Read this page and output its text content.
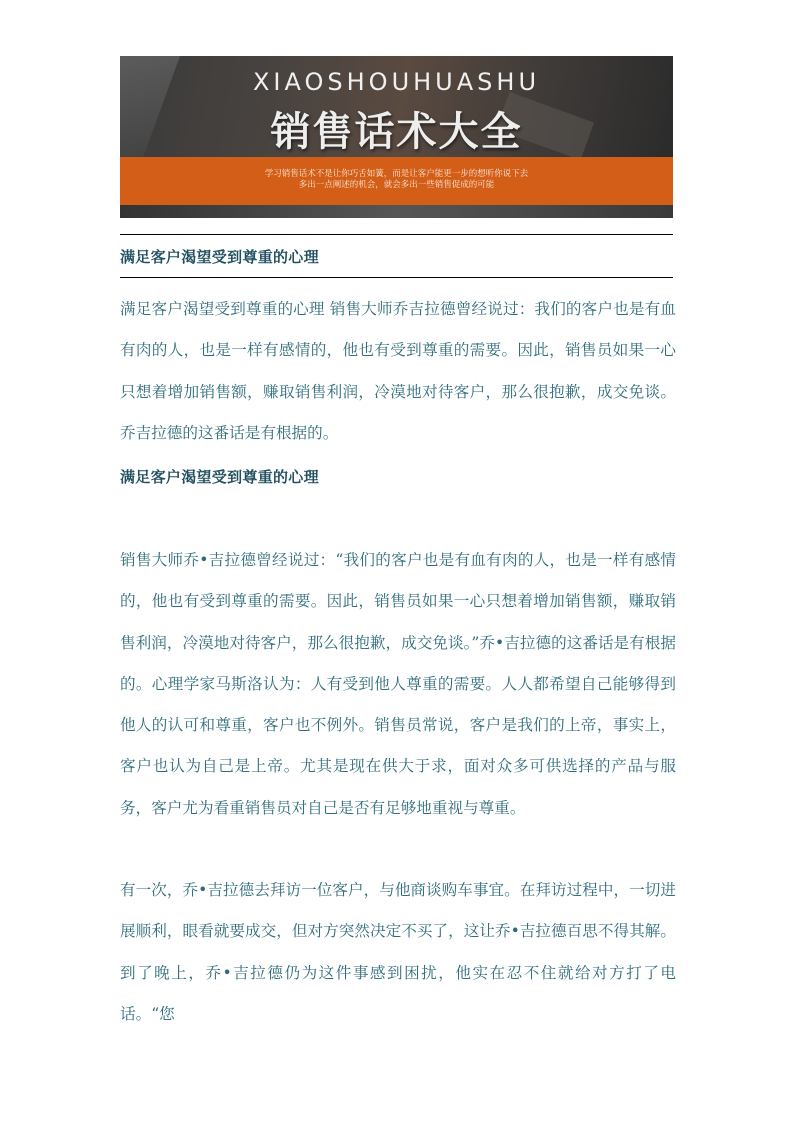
XIAOSHOUHUASHU
销售话术大全
学习销售话术不是让你巧舌如簧，而是让客户能更一步的想听你说下去
多出一点阐述的机会，就会多出一些销售促成的可能
满足客户渴望受到尊重的心理
满足客户渴望受到尊重的心理 销售大师乔吉拉德曾经说过：我们的客户也是有血有肉的人，也是一样有感情的，他也有受到尊重的需要。因此，销售员如果一心只想着增加销售额，赚取销售利润，冷漠地对待客户，那么很抱歉，成交免谈。乔吉拉德的这番话是有根据的。
满足客户渴望受到尊重的心理
销售大师乔•吉拉德曾经说过：“我们的客户也是有血有肉的人，也是一样有感情的，他也有受到尊重的需要。因此，销售员如果一心只想着增加销售额，赚取销售利润，冷漠地对待客户，那么很抱歉，成交免谈。”乔•吉拉德的这番话是有根据的。心理学家马斯洛认为：人有受到他人尊重的需要。人人都希望自己能够得到他人的认可和尊重，客户也不例外。销售员常说，客户是我们的上帝，事实上，客户也认为自己是上帝。尤其是现在供大于求，面对众多可供选择的产品与服务，客户尤为看重销售员对自己是否有足够地重视与尊重。
有一次，乔•吉拉德去拜访一位客户，与他商谈购车事宜。在拜访过程中，一切进展顺利，眼看就要成交，但对方突然决定不买了，这让乔•吉拉德百思不得其解。到了晚上，乔•吉拉德仍为这件事感到困扰，他实在忍不住就给对方打了电话。“您
